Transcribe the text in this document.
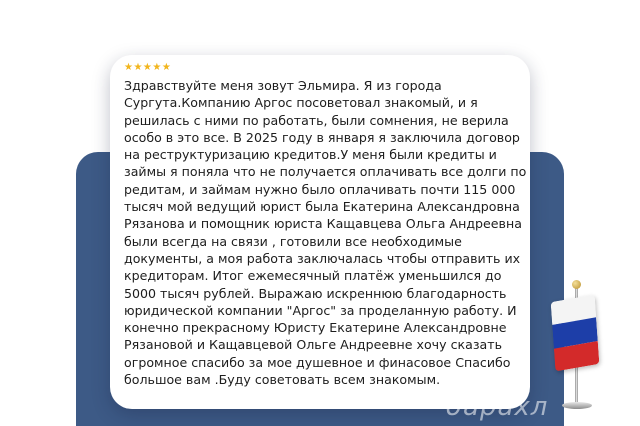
★★★★★

Здравствуйте меня зовут Эльмира. Я из города
Сургута.Компанию Аргос посоветовал знакомый, и я
решилась с ними по работать, были сомнения, не верила
особо в это все. В 2025 году в января я заключила договор
на реструктуризацию кредитов.У меня были кредиты и
займы я поняла что не получается оплачивать все долги по
редитам, и займам нужно было оплачивать почти 115 000
тысяч мой ведущий юрист была Екатерина Александровна
Рязанова и помощник юриста Кащавцева Ольга Андреевна
были всегда на связи , готовили все необходимые
документы, а моя работа заключалась чтобы отправить их
кредиторам. Итог ежемесячный платёж уменьшился до
5000 тысяч рублей. Выражаю искреннюю благодарность
юридической компании "Аргос" за проделанную работу. И
конечно прекрасному Юристу Екатерине Александровне
Рязановой и Кащавцевой Ольге Андреевне хочу сказать
огромное спасибо за мое душевное и финасовое Спасибо
большое вам .Буду советовать всем знакомым.

барахл
